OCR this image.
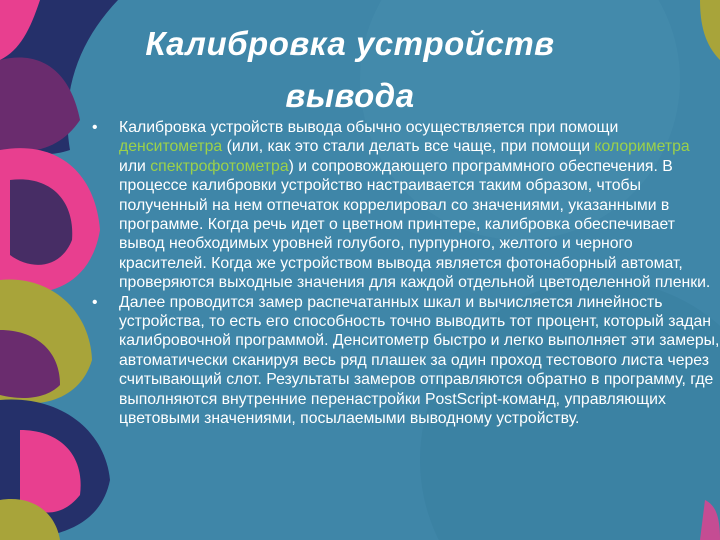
Калибровка устройств
вывода
• Калибровка устройств вывода обычно осуществляется при помощи денситометра (или, как это стали делать все чаще, при помощи колориметра или спектрофотометра) и сопровождающего программного обеспечения. В процессе калибровки устройство настраивается таким образом, чтобы полученный на нем отпечаток коррелировал со значениями, указанными в программе. Когда речь идет о цветном принтере, калибровка обеспечивает вывод необходимых уровней голубого, пурпурного, желтого и черного красителей. Когда же устройством вывода является фотонаборный автомат, проверяются выходные значения для каждой отдельной цветоделенной пленки.
• Далее проводится замер распечатанных шкал и вычисляется линейность устройства, то есть его способность точно выводить тот процент, который задан калибровочной программой. Денситометр быстро и легко выполняет эти замеры, автоматически сканируя весь ряд плашек за один проход тестового листа через считывающий слот. Результаты замеров отправляются обратно в программу, где выполняются внутренние перенастройки PostScript-команд, управляющих цветовыми значениями, посылаемыми выводному устройству.
